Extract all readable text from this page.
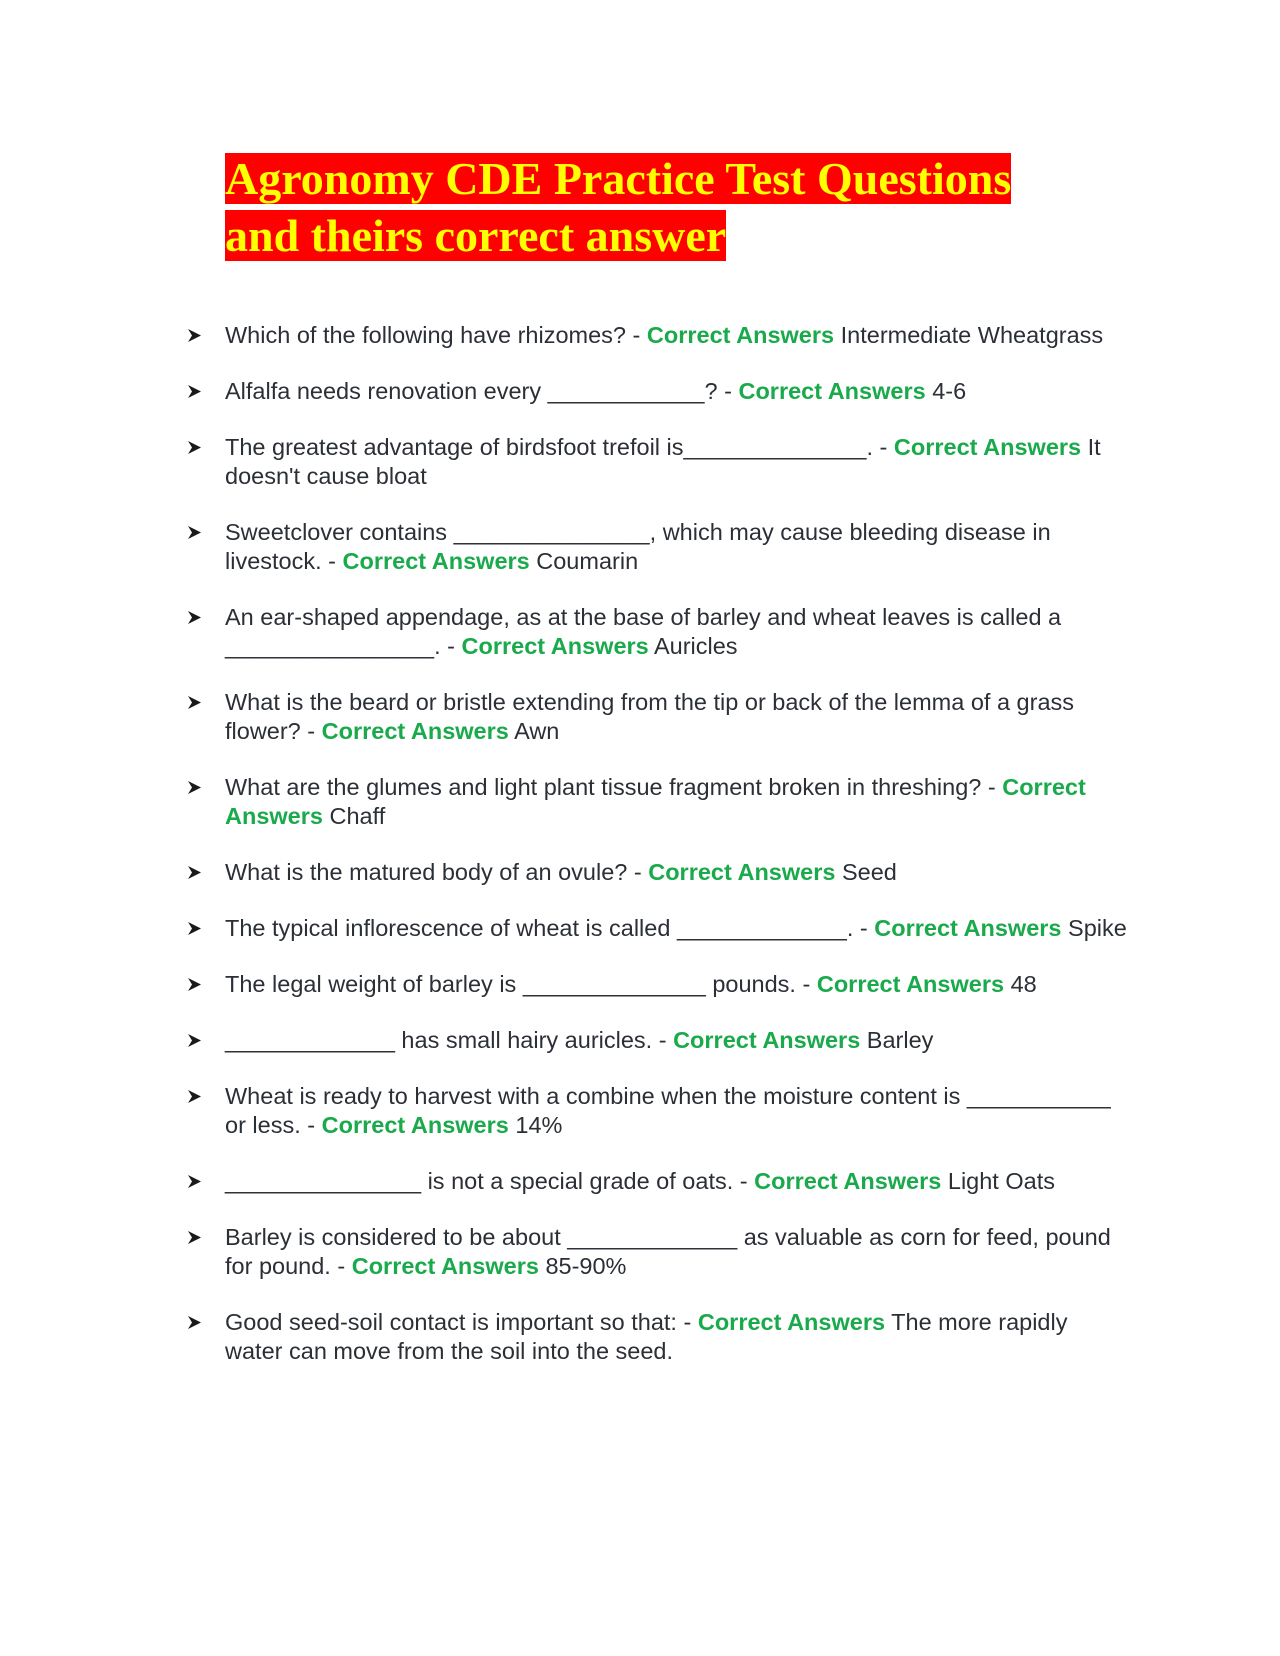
Agronomy CDE Practice Test Questions
and theirs correct answer
Which of the following have rhizomes? - Correct Answers Intermediate Wheatgrass
Alfalfa needs renovation every ____________? - Correct Answers 4-6
The greatest advantage of birdsfoot trefoil is______________. - Correct Answers It doesn't cause bloat
Sweetclover contains _______________, which may cause bleeding disease in livestock. - Correct Answers Coumarin
An ear-shaped appendage, as at the base of barley and wheat leaves is called a ________________. - Correct Answers Auricles
What is the beard or bristle extending from the tip or back of the lemma of a grass flower? - Correct Answers Awn
What are the glumes and light plant tissue fragment broken in threshing? - Correct Answers Chaff
What is the matured body of an ovule? - Correct Answers Seed
The typical inflorescence of wheat is called _____________. - Correct Answers Spike
The legal weight of barley is ______________ pounds. - Correct Answers 48
_____________ has small hairy auricles. - Correct Answers Barley
Wheat is ready to harvest with a combine when the moisture content is ___________ or less. - Correct Answers 14%
_______________ is not a special grade of oats. - Correct Answers Light Oats
Barley is considered to be about _____________ as valuable as corn for feed, pound for pound. - Correct Answers 85-90%
Good seed-soil contact is important so that: - Correct Answers The more rapidly water can move from the soil into the seed.
